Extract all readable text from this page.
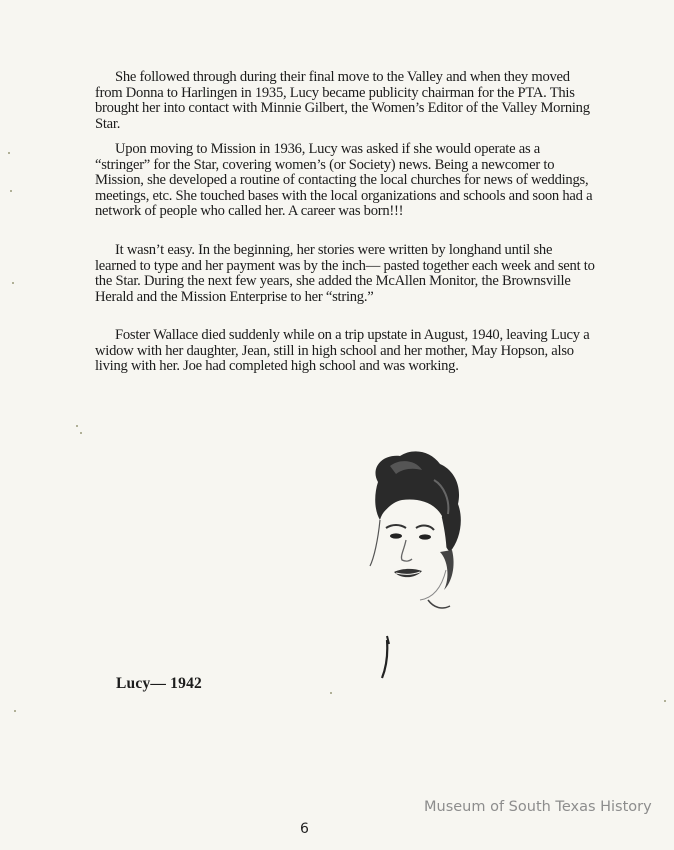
She followed through during their final move to the Valley and when they moved from Donna to Harlingen in 1935, Lucy became publicity chairman for the PTA. This brought her into contact with Minnie Gilbert, the Women’s Editor of the Valley Morning Star.

Upon moving to Mission in 1936, Lucy was asked if she would operate as a “stringer” for the Star, covering women’s (or Society) news. Being a newcomer to Mission, she developed a routine of contacting the local churches for news of weddings, meetings, etc. She touched bases with the local organizations and schools and soon had a network of people who called her. A career was born!!!

It wasn’t easy. In the beginning, her stories were written by longhand until she learned to type and her payment was by the inch— pasted together each week and sent to the Star. During the next few years, she added the McAllen Monitor, the Brownsville Herald and the Mission Enterprise to her “string.”

Foster Wallace died suddenly while on a trip upstate in August, 1940, leaving Lucy a widow with her daughter, Jean, still in high school and her mother, May Hopson, also living with her. Joe had completed high school and was working.

Lucy— 1942
Museum of South Texas History
6
